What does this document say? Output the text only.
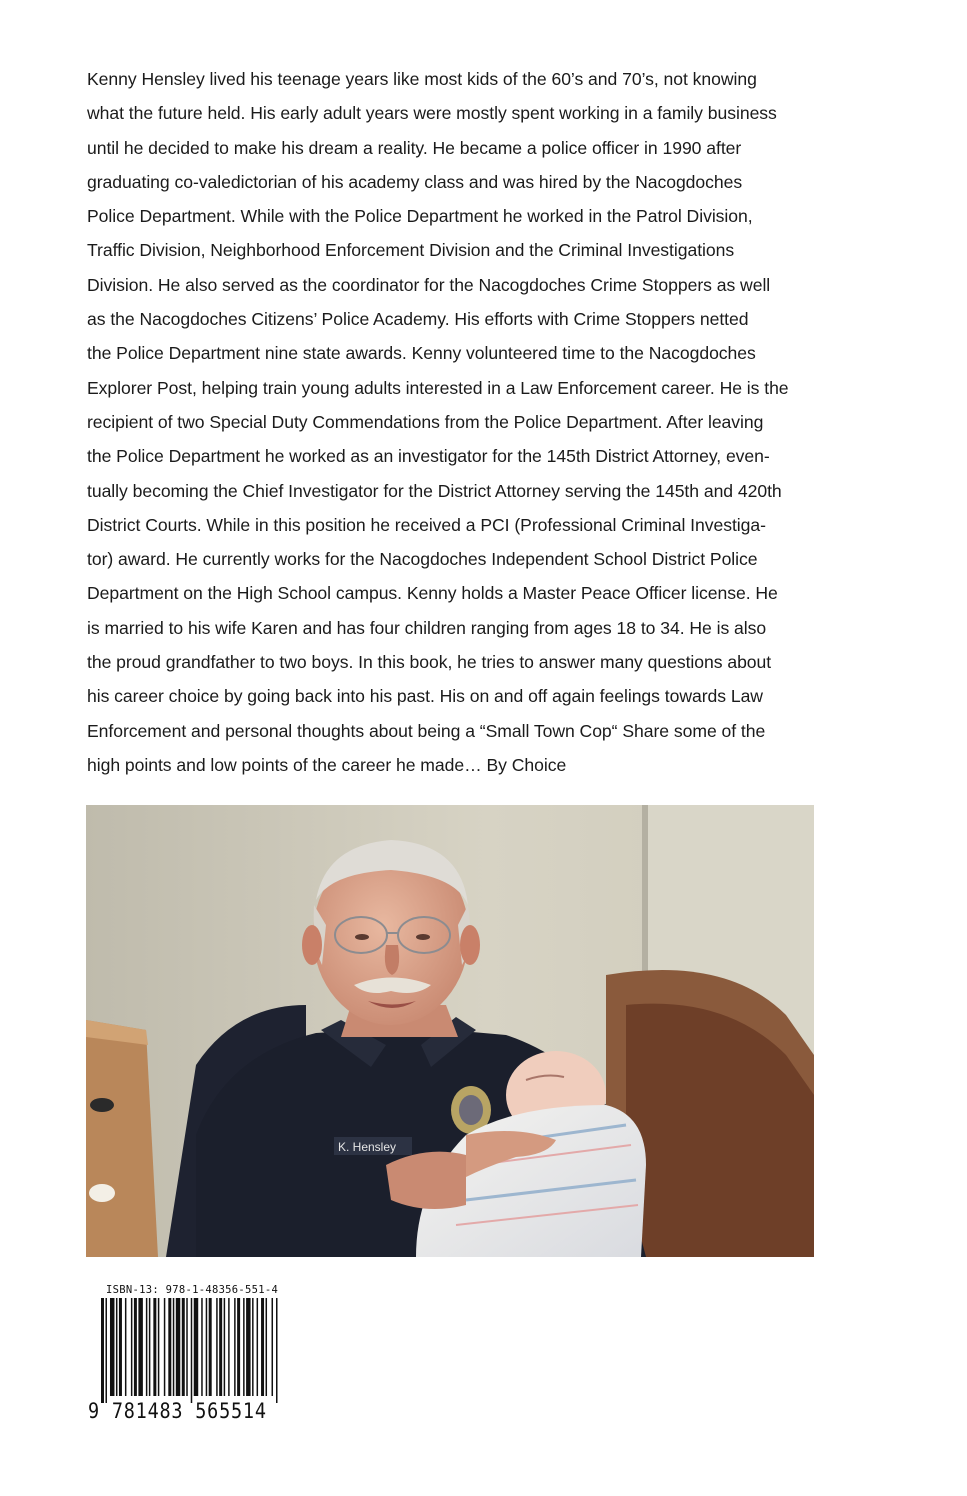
Kenny Hensley lived his teenage years like most kids of the 60’s and 70’s, not knowing
what the future held. His early adult years were mostly spent working in a family business
until he decided to make his dream a reality. He became a police officer in 1990 after
graduating co-valedictorian of his academy class and was hired by the Nacogdoches
Police Department. While with the Police Department he worked in the Patrol Division,
Traffic Division, Neighborhood Enforcement Division and the Criminal Investigations
Division. He also served as the coordinator for the Nacogdoches Crime Stoppers as well
as the Nacogdoches Citizens’ Police Academy. His efforts with Crime Stoppers netted
the Police Department nine state awards. Kenny volunteered time to the Nacogdoches
Explorer Post, helping train young adults interested in a Law Enforcement career. He is the
recipient of two Special Duty Commendations from the Police Department. After leaving
the Police Department he worked as an investigator for the 145th District Attorney, even-
tually becoming the Chief Investigator for the District Attorney serving the 145th and 420th
District Courts. While in this position he received a PCI (Professional Criminal Investiga-
tor) award. He currently works for the Nacogdoches Independent School District Police
Department on the High School campus. Kenny holds a Master Peace Officer license. He
is married to his wife Karen and has four children ranging from ages 18 to 34. He is also
the proud grandfather to two boys. In this book, he tries to answer many questions about
his career choice by going back into his past. His on and off again feelings towards Law
Enforcement and personal thoughts about being a “Small Town Cop“ Share some of the
high points and low points of the career he made… By Choice
K. Hensley
ISBN-13: 978-1-48356-551-4
9 781483 565514
